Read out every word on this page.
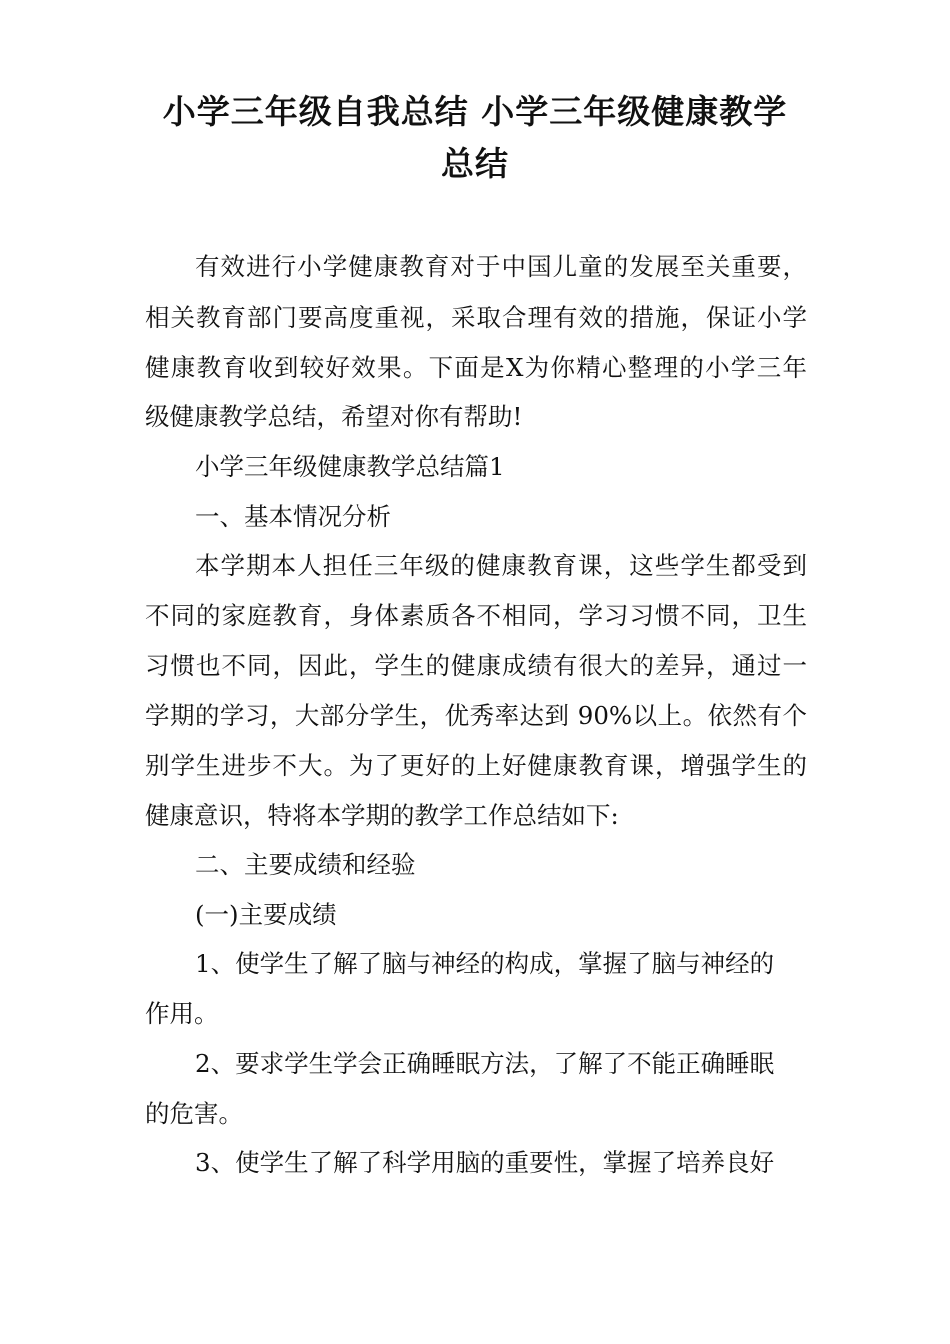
小学三年级自我总结 小学三年级健康教学
总结
有效进行小学健康教育对于中国儿童的发展至关重要，
相关教育部门要高度重视，采取合理有效的措施，保证小学
健康教育收到较好效果。下面是X为你精心整理的小学三年
级健康教学总结，希望对你有帮助!
小学三年级健康教学总结篇1
一、基本情况分析
本学期本人担任三年级的健康教育课，这些学生都受到
不同的家庭教育，身体素质各不相同，学习习惯不同，卫生
习惯也不同，因此，学生的健康成绩有很大的差异，通过一
学期的学习，大部分学生，优秀率达到 90%以上。依然有个
别学生进步不大。为了更好的上好健康教育课，增强学生的
健康意识，特将本学期的教学工作总结如下:
二、主要成绩和经验
(一)主要成绩
1、使学生了解了脑与神经的构成，掌握了脑与神经的
作用。
2、要求学生学会正确睡眠方法，了解了不能正确睡眠
的危害。
3、使学生了解了科学用脑的重要性，掌握了培养良好
